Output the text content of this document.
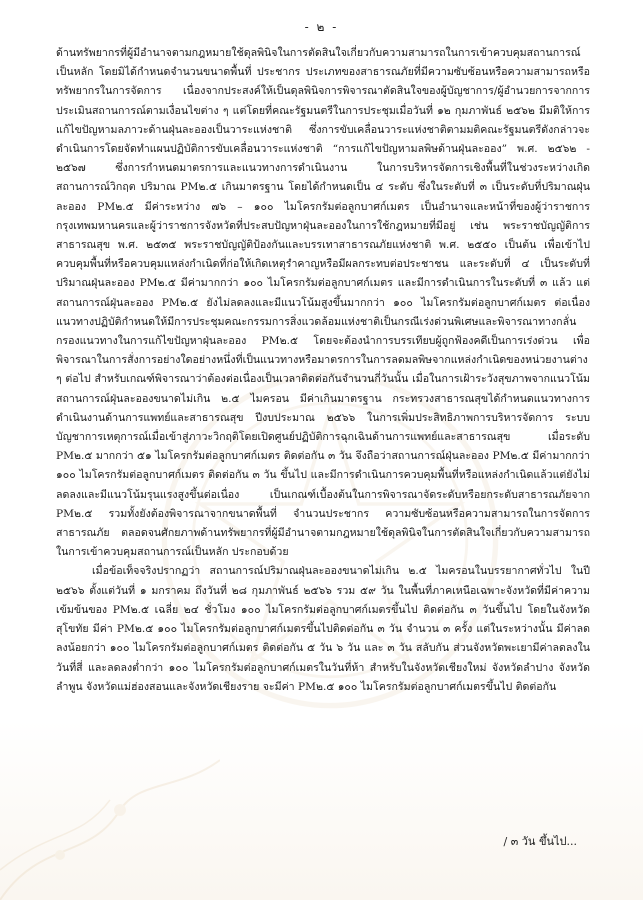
- ๒ -

ด้านทรัพยากรที่ผู้มีอำนาจตามกฎหมายใช้ดุลพินิจในการตัดสินใจเกี่ยวกับความสามารถในการเข้าควบคุมสถานการณ์เป็นหลัก โดยมิได้กำหนดจำนวนขนาดพื้นที่ ประชากร ประเภทของสาธารณภัยที่มีความซับซ้อนหรือความสามารถหรือทรัพยากรในการจัดการ เนื่องจากประสงค์ให้เป็นดุลพินิจการพิจารณาตัดสินใจของผู้บัญชาการ/ผู้อำนวยการจากการประเมินสถานการณ์ตามเงื่อนไขต่าง ๆ แต่โดยที่คณะรัฐมนตรีในการประชุมเมื่อวันที่ ๑๒ กุมภาพันธ์ ๒๕๖๒ มีมติให้การแก้ไขปัญหามลภาวะด้านฝุ่นละอองเป็นวาระแห่งชาติ ซึ่งการขับเคลื่อนวาระแห่งชาติตามมติคณะรัฐมนตรีดังกล่าวจะดำเนินการโดยจัดทำแผนปฏิบัติการขับเคลื่อนวาระแห่งชาติ “การแก้ไขปัญหามลพิษด้านฝุ่นละออง” พ.ศ. ๒๕๖๒ - ๒๕๖๗ ซึ่งการกำหนดมาตรการและแนวทางการดำเนินงาน ในการบริหารจัดการเชิงพื้นที่ในช่วงระหว่างเกิดสถานการณ์วิกฤต ปริมาณ PM๒.๕ เกินมาตรฐาน โดยได้กำหนดเป็น ๔ ระดับ ซึ่งในระดับที่ ๓ เป็นระดับที่ปริมาณฝุ่นละออง PM๒.๕ มีค่าระหว่าง ๗๖ – ๑๐๐ ไมโครกรัมต่อลูกบาศก์เมตร เป็นอำนาจและหน้าที่ของผู้ว่าราชการกรุงเทพมหานครและผู้ว่าราชการจังหวัดที่ประสบปัญหาฝุ่นละอองในการใช้กฎหมายที่มีอยู่ เช่น พระราชบัญญัติการสาธารณสุข พ.ศ. ๒๕๓๕ พระราชบัญญัติป้องกันและบรรเทาสาธารณภัยแห่งชาติ พ.ศ. ๒๕๕๐ เป็นต้น เพื่อเข้าไปควบคุมพื้นที่หรือควบคุมแหล่งกำเนิดที่ก่อให้เกิดเหตุรำคาญหรือมีผลกระทบต่อประชาชน และระดับที่ ๔ เป็นระดับที่ปริมาณฝุ่นละออง PM๒.๕ มีค่ามากกว่า ๑๐๐ ไมโครกรัมต่อลูกบาศก์เมตร และมีการดำเนินการในระดับที่ ๓ แล้ว แต่สถานการณ์ฝุ่นละออง PM๒.๕ ยังไม่ลดลงและมีแนวโน้มสูงขึ้นมากกว่า ๑๐๐ ไมโครกรัมต่อลูกบาศก์เมตร ต่อเนื่องแนวทางปฏิบัติกำหนดให้มีการประชุมคณะกรรมการสิ่งแวดล้อมแห่งชาติเป็นกรณีเร่งด่วนพิเศษและพิจารณาทางกลั่นกรองแนวทางในการแก้ไขปัญหาฝุ่นละออง PM๒.๕ โดยจะต้องนำการบรรเทียบผู้ถูกฟ้องคดีเป็นการเร่งด่วน เพื่อพิจารณาในการสั่งการอย่างใดอย่างหนึ่งที่เป็นแนวทางหรือมาตรการในการลดมลพิษจากแหล่งกำเนิดของหน่วยงานต่าง ๆ ต่อไป สำหรับเกณฑ์พิจารณาว่าต้องต่อเนื่องเป็นเวลาติดต่อกันจำนวนกี่วันนั้น เมื่อในการเฝ้าระวังสุขภาพจากแนวโน้มสถานการณ์ฝุ่นละอองขนาดไม่เกิน ๒.๕ ไมครอน มีค่าเกินมาตรฐาน กระทรวงสาธารณสุขได้กำหนดแนวทางการดำเนินงานด้านการแพทย์และสาธารณสุข ปีงบประมาณ ๒๕๖๖ ในการเพิ่มประสิทธิภาพการบริหารจัดการ ระบบบัญชาการเหตุการณ์เมื่อเข้าสู่ภาวะวิกฤติโดยเปิดศูนย์ปฏิบัติการฉุกเฉินด้านการแพทย์และสาธารณสุข เมื่อระดับ PM๒.๕ มากกว่า ๕๑ ไมโครกรัมต่อลูกบาศก์เมตร ติดต่อกัน ๓ วัน จึงถือว่าสถานการณ์ฝุ่นละออง PM๒.๕ มีค่ามากกว่า ๑๐๐ ไมโครกรัมต่อลูกบาศก์เมตร ติดต่อกัน ๓ วัน ขึ้นไป และมีการดำเนินการควบคุมพื้นที่หรือแหล่งกำเนิดแล้วแต่ยังไม่ลดลงและมีแนวโน้มรุนแรงสูงขึ้นต่อเนื่อง เป็นเกณฑ์เบื้องต้นในการพิจารณาจัดระดับหรือยกระดับสาธารณภัยจาก PM๒.๕ รวมทั้งยังต้องพิจารณาจากขนาดพื้นที่ จำนวนประชากร ความซับซ้อนหรือความสามารถในการจัดการสาธารณภัย ตลอดจนศักยภาพด้านทรัพยากรที่ผู้มีอำนาจตามกฎหมายใช้ดุลพินิจในการตัดสินใจเกี่ยวกับความสามารถในการเข้าควบคุมสถานการณ์เป็นหลัก ประกอบด้วย

เมื่อข้อเท็จจริงปรากฏว่า สถานการณ์ปริมาณฝุ่นละอองขนาดไม่เกิน ๒.๕ ไมครอนในบรรยากาศทั่วไป ในปี ๒๕๖๖ ตั้งแต่วันที่ ๑ มกราคม ถึงวันที่ ๒๘ กุมภาพันธ์ ๒๕๖๖ รวม ๕๙ วัน ในพื้นที่ภาคเหนือเฉพาะจังหวัดที่มีค่าความเข้มข้นของ PM๒.๕ เฉลี่ย ๒๔ ชั่วโมง ๑๐๐ ไมโครกรัมต่อลูกบาศก์เมตรขึ้นไป ติดต่อกัน ๓ วันขึ้นไป โดยในจังหวัดสุโขทัย มีค่า PM๒.๕ ๑๐๐ ไมโครกรัมต่อลูกบาศก์เมตรขึ้นไปติดต่อกัน ๓ วัน จำนวน ๓ ครั้ง แต่ในระหว่างนั้น มีค่าลดลงน้อยกว่า ๑๐๐ ไมโครกรัมต่อลูกบาศก์เมตร ติดต่อกัน ๕ วัน ๖ วัน และ ๓ วัน สลับกัน ส่วนจังหวัดพะเยามีค่าลดลงในวันที่สี่ และลดลงต่ำกว่า ๑๐๐ ไมโครกรัมต่อลูกบาศก์เมตรในวันที่ห้า สำหรับในจังหวัดเชียงใหม่ จังหวัดลำปาง จังหวัดลำพูน จังหวัดแม่ฮ่องสอนและจังหวัดเชียงราย จะมีค่า PM๒.๕ ๑๐๐ ไมโครกรัมต่อลูกบาศก์เมตรขึ้นไป ติดต่อกัน

/ ๓ วัน ขึ้นไป...
